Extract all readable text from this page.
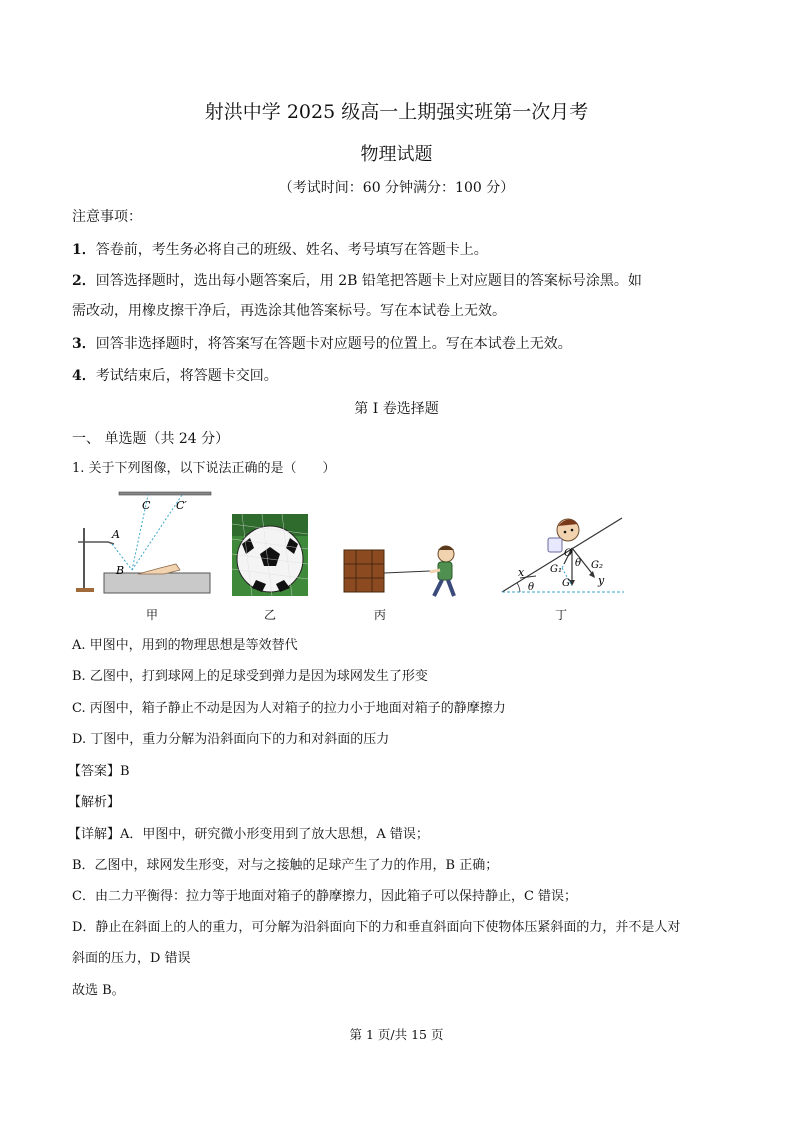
射洪中学 2025 级高一上期强实班第一次月考
物理试题
（考试时间：60 分钟满分：100 分）
注意事项：
1．答卷前，考生务必将自己的班级、姓名、考号填写在答题卡上。
2．回答选择题时，选出每小题答案后，用 2B 铅笔把答题卡上对应题目的答案标号涂黑。如
需改动，用橡皮擦干净后，再选涂其他答案标号。写在本试卷上无效。
3．回答非选择题时，将答案写在答题卡对应题号的位置上。写在本试卷上无效。
4．考试结束后，将答题卡交回。
第 I 卷选择题
一、 单选题（共 24 分）
1. 关于下列图像，以下说法正确的是（　　）
A
B
C C′
甲	乙	丙
x
y
O
θ
θ
G₁	G₂
G
丁
A. 甲图中，用到的物理思想是等效替代
B. 乙图中，打到球网上的足球受到弹力是因为球网发生了形变
C. 丙图中，箱子静止不动是因为人对箱子的拉力小于地面对箱子的静摩擦力
D. 丁图中，重力分解为沿斜面向下的力和对斜面的压力
【答案】B
【解析】
【详解】A．甲图中，研究微小形变用到了放大思想，A 错误；
B．乙图中，球网发生形变，对与之接触的足球产生了力的作用，B 正确；
C．由二力平衡得：拉力等于地面对箱子的静摩擦力，因此箱子可以保持静止，C 错误；
D．静止在斜面上的人的重力，可分解为沿斜面向下的力和垂直斜面向下使物体压紧斜面的力，并不是人对
斜面的压力，D 错误
故选 B。
第 1 页/共 15 页
